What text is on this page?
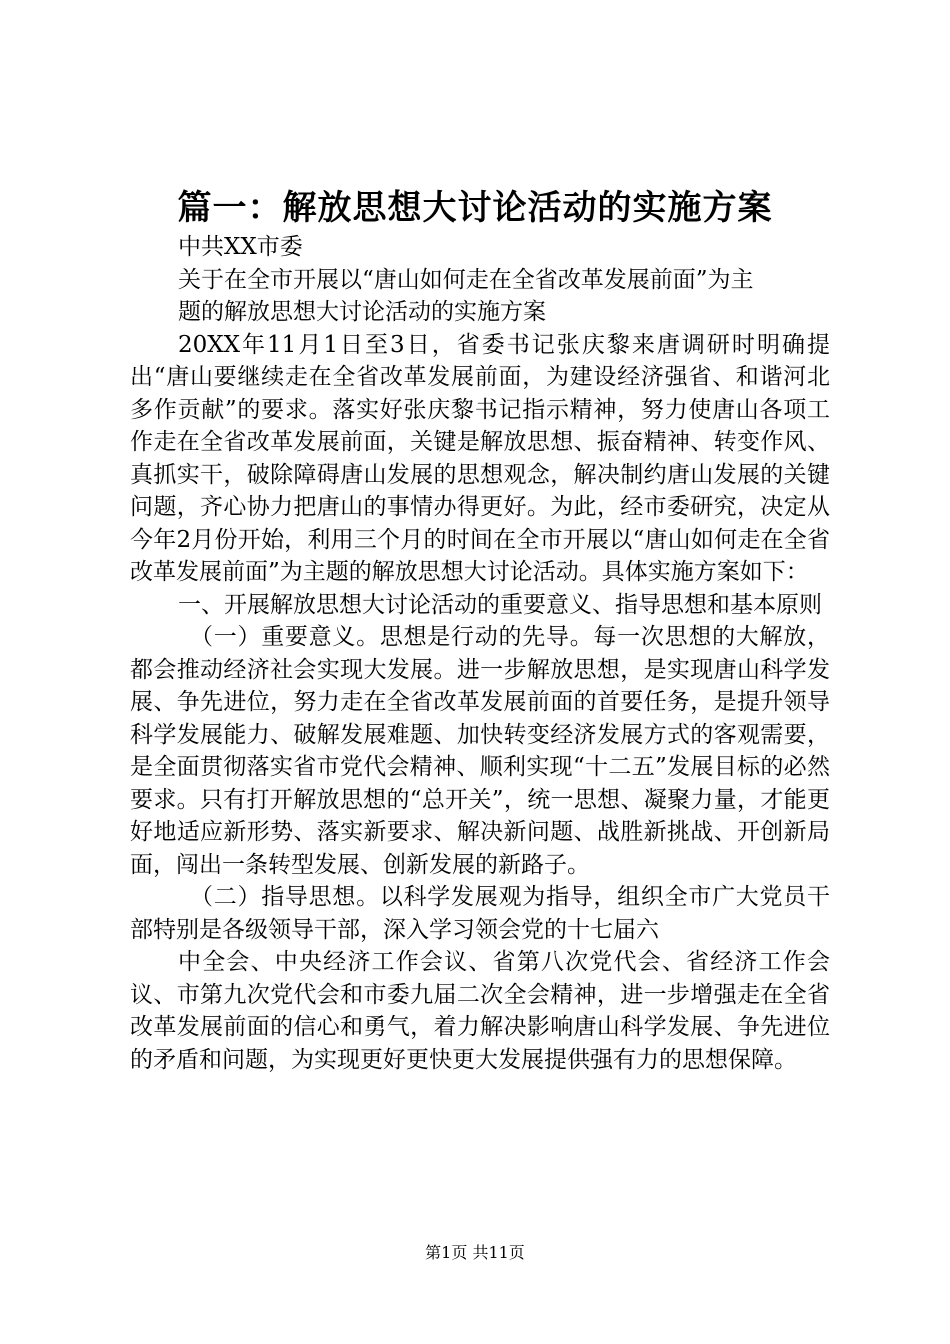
篇一：解放思想大讨论活动的实施方案

中共XX市委

关于在全市开展以“唐山如何走在全省改革发展前面”为主

题的解放思想大讨论活动的实施方案

20XX年11月1日至3日，省委书记张庆黎来唐调研时明确提出“唐山要继续走在全省改革发展前面，为建设经济强省、和谐河北多作贡献”的要求。落实好张庆黎书记指示精神，努力使唐山各项工作走在全省改革发展前面，关键是解放思想、振奋精神、转变作风、真抓实干，破除障碍唐山发展的思想观念，解决制约唐山发展的关键问题，齐心协力把唐山的事情办得更好。为此，经市委研究，决定从今年2月份开始，利用三个月的时间在全市开展以“唐山如何走在全省改革发展前面”为主题的解放思想大讨论活动。具体实施方案如下：

一、开展解放思想大讨论活动的重要意义、指导思想和基本原则

（一）重要意义。思想是行动的先导。每一次思想的大解放，都会推动经济社会实现大发展。进一步解放思想，是实现唐山科学发展、争先进位，努力走在全省改革发展前面的首要任务，是提升领导科学发展能力、破解发展难题、加快转变经济发展方式的客观需要，是全面贯彻落实省市党代会精神、顺利实现“十二五”发展目标的必然要求。只有打开解放思想的“总开关”，统一思想、凝聚力量，才能更好地适应新形势、落实新要求、解决新问题、战胜新挑战、开创新局面，闯出一条转型发展、创新发展的新路子。

（二）指导思想。以科学发展观为指导，组织全市广大党员干部特别是各级领导干部，深入学习领会党的十七届六

中全会、中央经济工作会议、省第八次党代会、省经济工作会议、市第九次党代会和市委九届二次全会精神，进一步增强走在全省改革发展前面的信心和勇气，着力解决影响唐山科学发展、争先进位的矛盾和问题，为实现更好更快更大发展提供强有力的思想保障。

第1页 共11页
